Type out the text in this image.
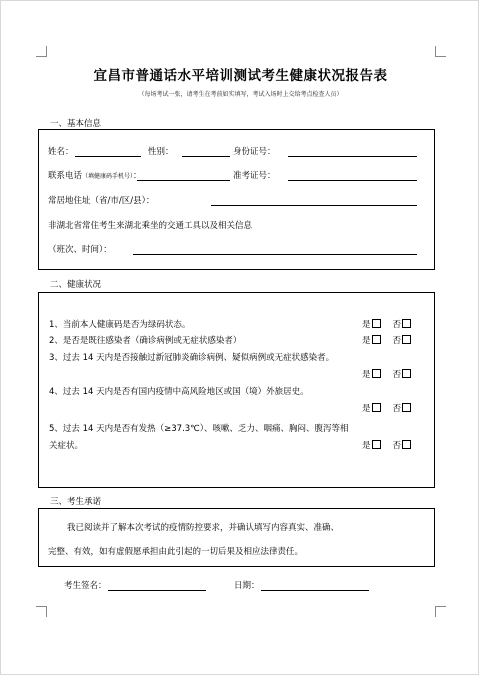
宜昌市普通话水平培训测试考生健康状况报告表
（每场考试一张，请考生在考前如实填写，考试入场时上交给考点检查人员）
一、基本信息
姓名：	性别：	身份证号：
联系电话（填健康码手机号）：	准考证号：
常居地住址（省/市/区/县）：
非湖北省常住考生来湖北乘坐的交通工具以及相关信息
（班次、时间）：
二、健康状况
1、当前本人健康码是否为绿码状态。	是	否
2、是否是既往感染者（确诊病例或无症状感染者）	是	否
3、过去 14 天内是否接触过新冠肺炎确诊病例、疑似病例或无症状感染者。
是	否
4、过去 14 天内是否有国内疫情中高风险地区或国（境）外旅居史。
是	否
5、过去 14 天内是否有发热（≥37.3℃）、咳嗽、乏力、咽痛、胸闷、腹泻等相
关症状。	是	否
三、考生承诺
我已阅读并了解本次考试的疫情防控要求，并确认填写内容真实、准确、
完整、有效，如有虚假愿承担由此引起的一切后果及相应法律责任。
考生签名：	日期：
